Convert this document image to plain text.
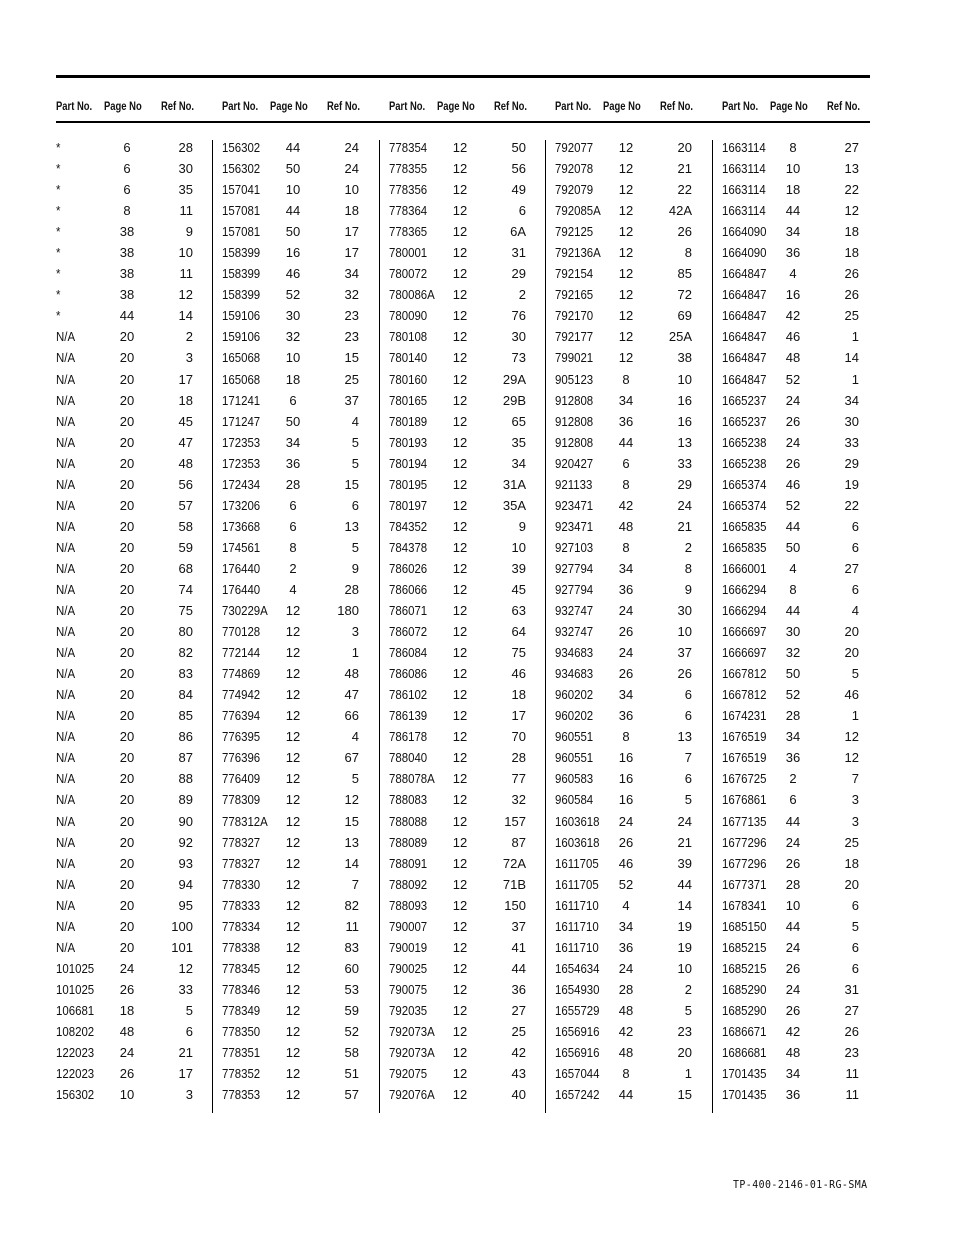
Part No. Page No Ref No. Part No. Page No Ref No.	Part No. Page No Ref No. Part No. Page No Ref No.	Part No. Page No Ref No.
*	6	28
*	6	30
*	6	35
*	8	11
*	38	9
*	38	10
*	38	11
*	38	12
*	44	14
N/A	20	2
N/A	20	3
N/A	20	17
N/A	20	18
N/A	20	45
N/A	20	47
N/A	20	48
N/A	20	56
N/A	20	57
N/A	20	58
N/A	20	59
N/A	20	68
N/A	20	74
N/A	20	75
N/A	20	80
N/A	20	82
N/A	20	83
N/A	20	84
N/A	20	85
N/A	20	86
N/A	20	87
N/A	20	88
N/A	20	89
N/A	20	90
N/A	20	92
N/A	20	93
N/A	20	94
N/A	20	95
N/A	20	100
N/A	20	101
101025	24	12
101025	26	33
106681	18	5
108202	48	6
122023	24	21
122023	26	17
156302	10	3
156302	44	24
156302	50	24
157041	10	10
157081	44	18
157081	50	17
158399	16	17
158399	46	34
158399	52	32
159106	30	23
159106	32	23
165068	10	15
165068	18	25
171241	6	37
171247	50	4
172353	34	5
172353	36	5
172434	28	15
173206	6	6
173668	6	13
174561	8	5
176440	2	9
176440	4	28
730229A	12	180
770128	12	3
772144	12	1
774869	12	48
774942	12	47
776394	12	66
776395	12	4
776396	12	67
776409	12	5
778309	12	12
778312A	12	15
778327	12	13
778327	12	14
778330	12	7
778333	12	82
778334	12	11
778338	12	83
778345	12	60
778346	12	53
778349	12	59
778350	12	52
778351	12	58
778352	12	51
778353	12	57
778354	12	50
778355	12	56
778356	12	49
778364	12	6
778365	12	6A
780001	12	31
780072	12	29
780086A	12	2
780090	12	76
780108	12	30
780140	12	73
780160	12	29A
780165	12	29B
780189	12	65
780193	12	35
780194	12	34
780195	12	31A
780197	12	35A
784352	12	9
784378	12	10
786026	12	39
786066	12	45
786071	12	63
786072	12	64
786084	12	75
786086	12	46
786102	12	18
786139	12	17
786178	12	70
788040	12	28
788078A	12	77
788083	12	32
788088	12	157
788089	12	87
788091	12	72A
788092	12	71B
788093	12	150
790007	12	37
790019	12	41
790025	12	44
790075	12	36
792035	12	27
792073A	12	25
792073A	12	42
792075	12	43
792076A	12	40
792077	12	20
792078	12	21
792079	12	22
792085A	12	42A
792125	12	26
792136A	12	8
792154	12	85
792165	12	72
792170	12	69
792177	12	25A
799021	12	38
905123	8	10
912808	34	16
912808	36	16
912808	44	13
920427	6	33
921133	8	29
923471	42	24
923471	48	21
927103	8	2
927794	34	8
927794	36	9
932747	24	30
932747	26	10
934683	24	37
934683	26	26
960202	34	6
960202	36	6
960551	8	13
960551	16	7
960583	16	6
960584	16	5
1603618	24	24
1603618	26	21
1611705	46	39
1611705	52	44
1611710	4	14
1611710	34	19
1611710	36	19
1654634	24	10
1654930	28	2
1655729	48	5
1656916	42	23
1656916	48	20
1657044	8	1
1657242	44	15
1663114	8	27
1663114	10	13
1663114	18	22
1663114	44	12
1664090	34	18
1664090	36	18
1664847	4	26
1664847	16	26
1664847	42	25
1664847	46	1
1664847	48	14
1664847	52	1
1665237	24	34
1665237	26	30
1665238	24	33
1665238	26	29
1665374	46	19
1665374	52	22
1665835	44	6
1665835	50	6
1666001	4	27
1666294	8	6
1666294	44	4
1666697	30	20
1666697	32	20
1667812	50	5
1667812	52	46
1674231	28	1
1676519	34	12
1676519	36	12
1676725	2	7
1676861	6	3
1677135	44	3
1677296	24	25
1677296	26	18
1677371	28	20
1678341	10	6
1685150	44	5
1685215	24	6
1685215	26	6
1685290	24	31
1685290	26	27
1686671	42	26
1686681	48	23
1701435	34	11
1701435	36	11
TP-400-2146-01-RG-SMA
